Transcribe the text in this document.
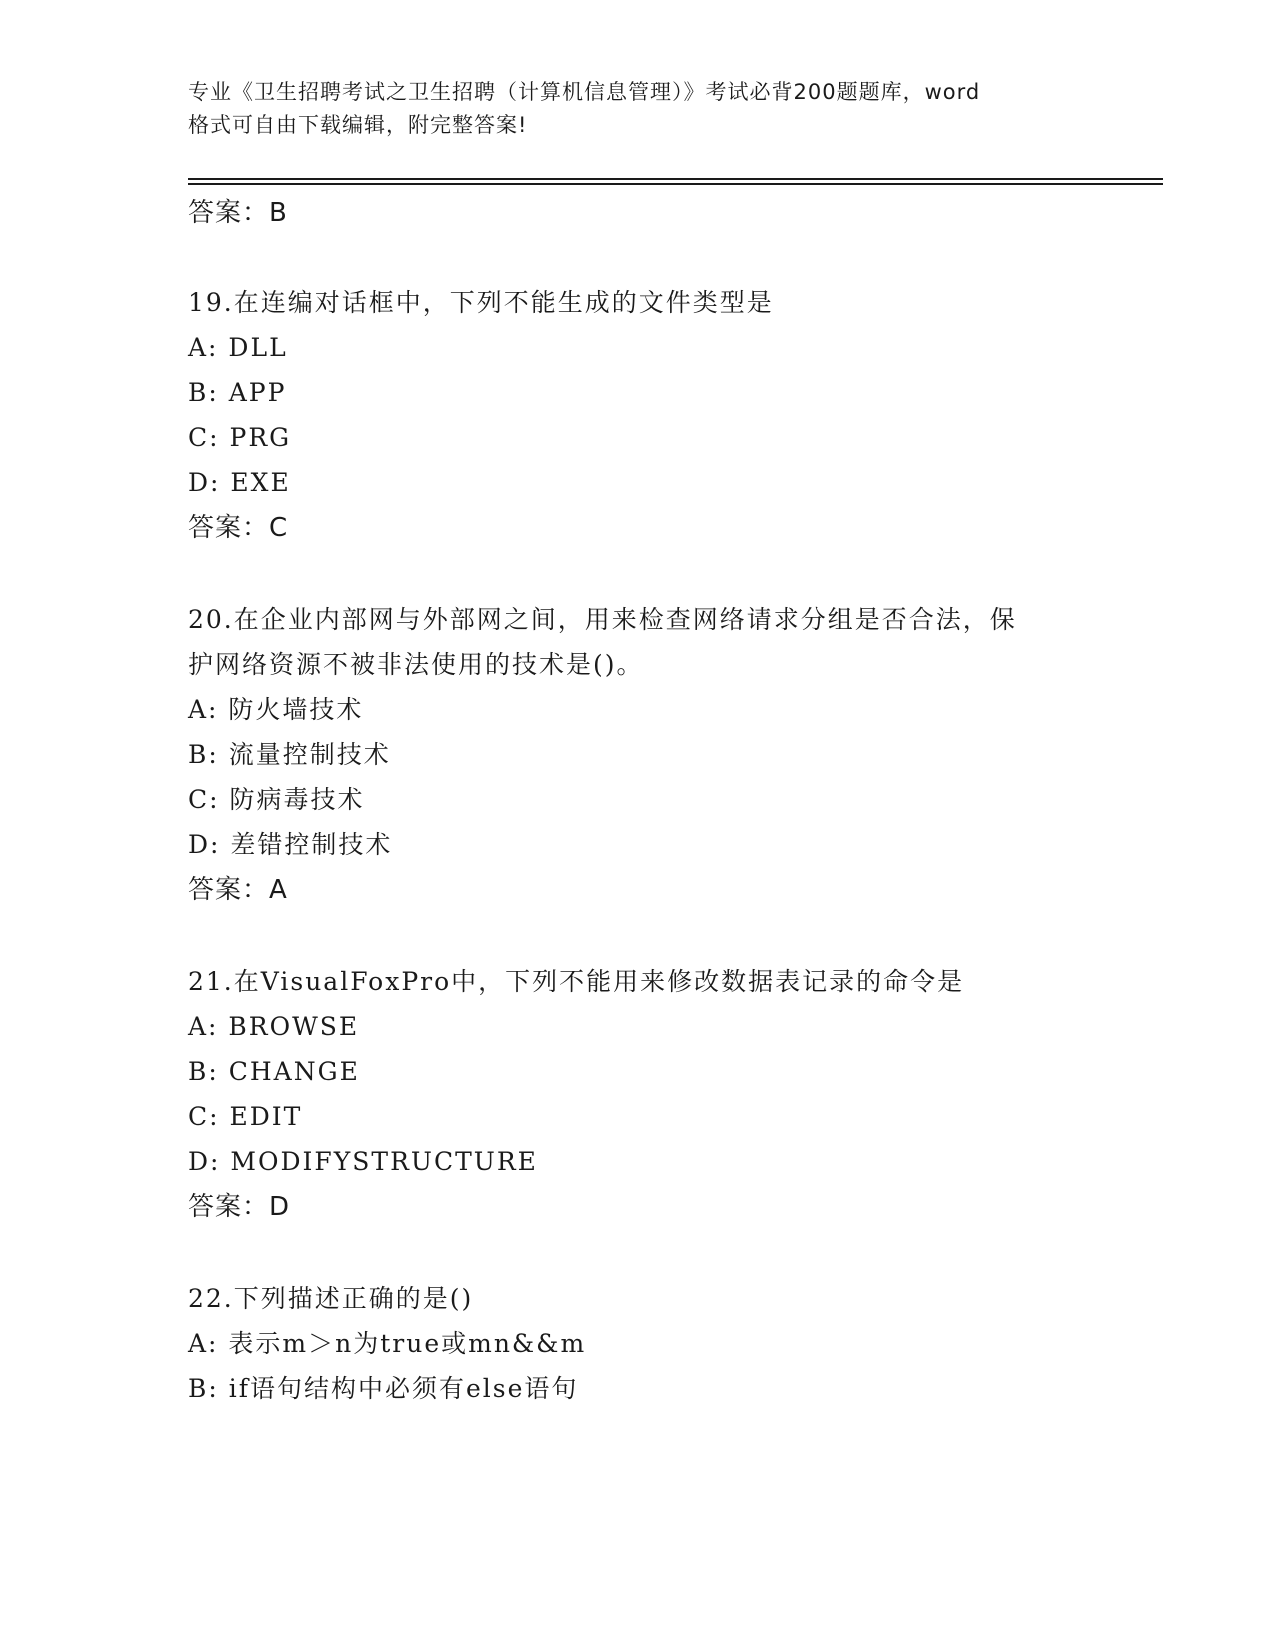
专业《卫生招聘考试之卫生招聘（计算机信息管理）》考试必背200题题库，word
格式可自由下载编辑，附完整答案!
答案：B
19.在连编对话框中，下列不能生成的文件类型是
A: DLL
B: APP
C: PRG
D: EXE
答案：C
20.在企业内部网与外部网之间，用来检查网络请求分组是否合法，保
护网络资源不被非法使用的技术是()。
A: 防火墙技术
B: 流量控制技术
C: 防病毒技术
D: 差错控制技术
答案：A
21.在VisualFoxPro中，下列不能用来修改数据表记录的命令是
A: BROWSE
B: CHANGE
C: EDIT
D: MODIFYSTRUCTURE
答案：D
22.下列描述正确的是()
A: 表示m＞n为true或mn&&m
B: if语句结构中必须有else语句
